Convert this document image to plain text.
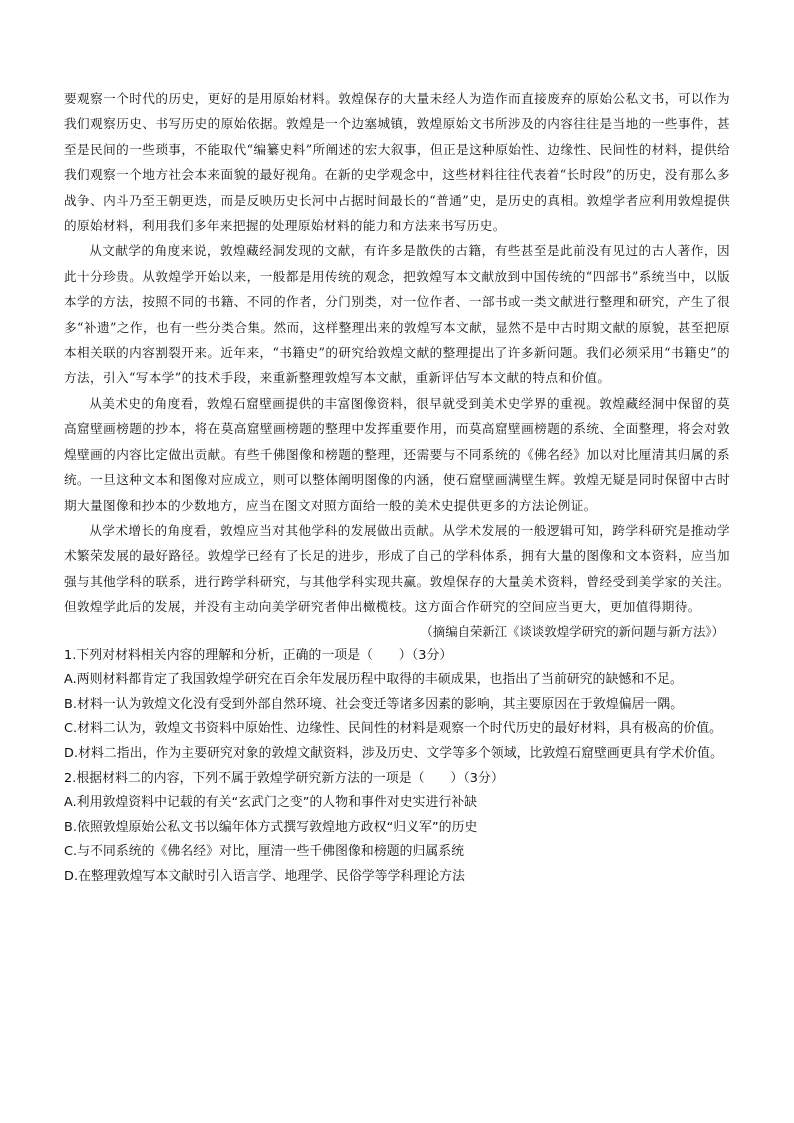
要观察一个时代的历史，更好的是用原始材料。敦煌保存的大量未经人为造作而直接废弃的原始公私文书，可以作为我们观察历史、书写历史的原始依据。敦煌是一个边塞城镇，敦煌原始文书所涉及的内容往往是当地的一些事件，甚至是民间的一些琐事，不能取代“编纂史料”所阐述的宏大叙事，但正是这种原始性、边缘性、民间性的材料，提供给我们观察一个地方社会本来面貌的最好视角。在新的史学观念中，这些材料往往代表着“长时段”的历史，没有那么多战争、内斗乃至王朝更迭，而是反映历史长河中占据时间最长的“普通”史，是历史的真相。敦煌学者应利用敦煌提供的原始材料，利用我们多年来把握的处理原始材料的能力和方法来书写历史。

从文献学的角度来说，敦煌藏经洞发现的文献，有许多是散佚的古籍，有些甚至是此前没有见过的古人著作，因此十分珍贵。从敦煌学开始以来，一般都是用传统的观念，把敦煌写本文献放到中国传统的“四部书”系统当中，以版本学的方法，按照不同的书籍、不同的作者，分门别类，对一位作者、一部书或一类文献进行整理和研究，产生了很多“补遗”之作，也有一些分类合集。然而，这样整理出来的敦煌写本文献，显然不是中古时期文献的原貌，甚至把原本相关联的内容割裂开来。近年来，“书籍史”的研究给敦煌文献的整理提出了许多新问题。我们必须采用“书籍史”的方法，引入“写本学”的技术手段，来重新整理敦煌写本文献，重新评估写本文献的特点和价值。

从美术史的角度看，敦煌石窟壁画提供的丰富图像资料，很早就受到美术史学界的重视。敦煌藏经洞中保留的莫高窟壁画榜题的抄本，将在莫高窟壁画榜题的整理中发挥重要作用，而莫高窟壁画榜题的系统、全面整理，将会对敦煌壁画的内容比定做出贡献。有些千佛图像和榜题的整理，还需要与不同系统的《佛名经》加以对比厘清其归属的系统。一旦这种文本和图像对应成立，则可以整体阐明图像的内涵，使石窟壁画满壁生辉。敦煌无疑是同时保留中古时期大量图像和抄本的少数地方，应当在图文对照方面给一般的美术史提供更多的方法论例证。

从学术增长的角度看，敦煌应当对其他学科的发展做出贡献。从学术发展的一般逻辑可知，跨学科研究是推动学术繁荣发展的最好路径。敦煌学已经有了长足的进步，形成了自己的学科体系，拥有大量的图像和文本资料，应当加强与其他学科的联系，进行跨学科研究，与其他学科实现共赢。敦煌保存的大量美术资料，曾经受到美学家的关注。但敦煌学此后的发展，并没有主动向美学研究者伸出橄榄枝。这方面合作研究的空间应当更大，更加值得期待。

（摘编自荣新江《谈谈敦煌学研究的新问题与新方法》）

1.下列对材料相关内容的理解和分析，正确的一项是（　　）（3分）

A.两则材料都肯定了我国敦煌学研究在百余年发展历程中取得的丰硕成果，也指出了当前研究的缺憾和不足。

B.材料一认为敦煌文化没有受到外部自然环境、社会变迁等诸多因素的影响，其主要原因在于敦煌偏居一隅。

C.材料二认为，敦煌文书资料中原始性、边缘性、民间性的材料是观察一个时代历史的最好材料，具有极高的价值。

D.材料二指出，作为主要研究对象的敦煌文献资料，涉及历史、文学等多个领域，比敦煌石窟壁画更具有学术价值。

2.根据材料二的内容，下列不属于敦煌学研究新方法的一项是（　　）（3分）

A.利用敦煌资料中记载的有关“玄武门之变”的人物和事件对史实进行补缺

B.依照敦煌原始公私文书以编年体方式撰写敦煌地方政权“归义军”的历史

C.与不同系统的《佛名经》对比，厘清一些千佛图像和榜题的归属系统

D.在整理敦煌写本文献时引入语言学、地理学、民俗学等学科理论方法
